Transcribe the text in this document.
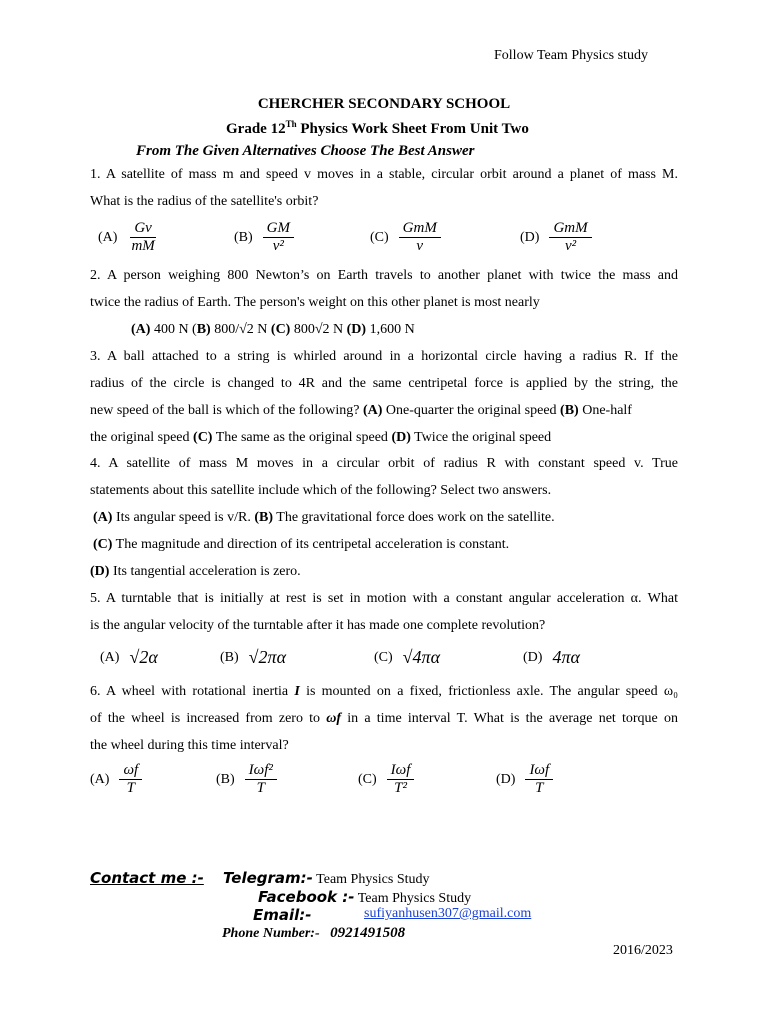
Follow Team Physics study
CHERCHER SECONDARY SCHOOL
Grade 12Th Physics Work Sheet From Unit Two
From The Given Alternatives Choose The Best Answer
1. A satellite of mass m and speed v moves in a stable, circular orbit around a planet of mass M.
What is the radius of the satellite's orbit?
$(A) \frac{Gv}{mM}$	$(B) \frac{GM}{\text{v²}}$	$(C) \frac{\text{GmM}}{v}$	$(D) \frac{\text{GmM}}{\text{v²}}$
2. A person weighing 800 Newton’s on Earth travels to another planet with twice the mass and
twice the radius of Earth. The person's weight on this other planet is most nearly
(A) 400 N (B) 800/√2 N (C) 800√2 N (D) 1,600 N
3. A ball attached to a string is whirled around in a horizontal circle having a radius R. If the
radius of the circle is changed to 4R and the same centripetal force is applied by the string, the
new speed of the ball is which of the following? (A) One-quarter the original speed (B) One-half
the original speed (C) The same as the original speed (D) Twice the original speed
4. A satellite of mass M moves in a circular orbit of radius R with constant speed v. True
statements about this satellite include which of the following? Select two answers.
(A) Its angular speed is v/R. (B) The gravitational force does work on the satellite.
(C) The magnitude and direction of its centripetal acceleration is constant.
(D) Its tangential acceleration is zero.
5. A turntable that is initially at rest is set in motion with a constant angular acceleration α. What
is the angular velocity of the turntable after it has made one complete revolution?
(A) √2α	(B) √2πα	(C) √4πα	(D) 4πα
6. A wheel with rotational inertia I is mounted on a fixed, frictionless axle. The angular speed ω₀
of the wheel is increased from zero to ωf in a time interval T. What is the average net torque on
the wheel during this time interval?
$(A) \frac{\omega f}{T}$	$(B) \frac{\text{Iωf²}}{T}$	$(C) \frac{\text{Iωf}}{\text{T²}}$	$(D) \frac{\text{Iωf}}{T}$
Contact me :- Telegram:- Team Physics Study
Facebook :- Team Physics Study
Email:-	sufiyanhusen307@gmail.com
Phone Number:- 0921491508
2016/2023
